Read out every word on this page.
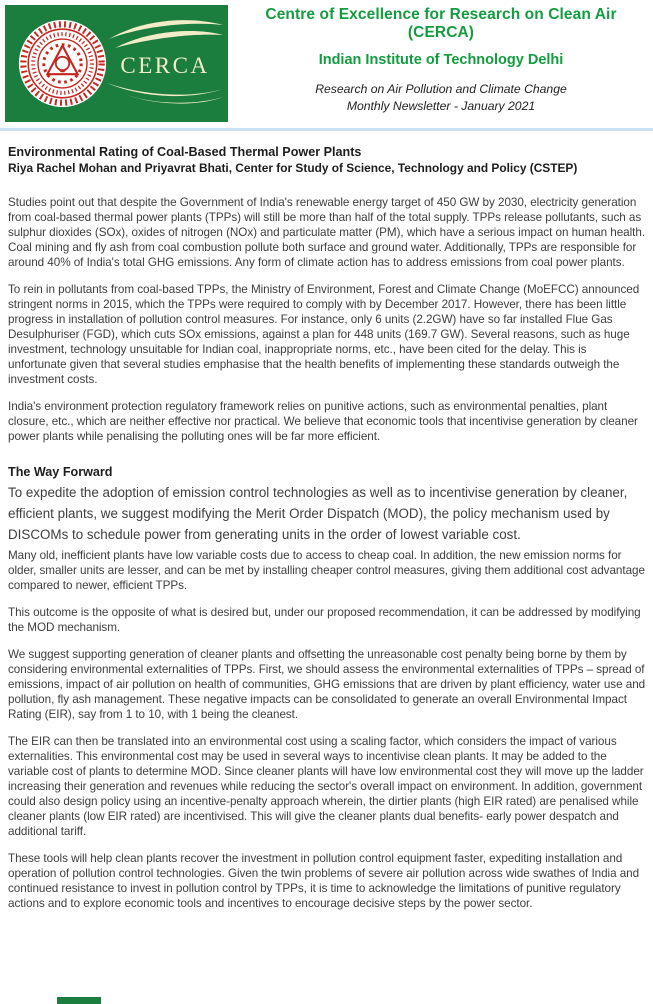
CERCA
Centre of Excellence for Research on Clean Air
(CERCA)
Indian Institute of Technology Delhi
Research on Air Pollution and Climate Change
Monthly Newsletter - January 2021
Environmental Rating of Coal-Based Thermal Power Plants
Riya Rachel Mohan and Priyavrat Bhati, Center for Study of Science, Technology and Policy (CSTEP)

Studies point out that despite the Government of India's renewable energy target of 450 GW by 2030, electricity generation from coal-based thermal power plants (TPPs) will still be more than half of the total supply. TPPs release pollutants, such as sulphur dioxides (SOx), oxides of nitrogen (NOx) and particulate matter (PM), which have a serious impact on human health. Coal mining and fly ash from coal combustion pollute both surface and ground water. Additionally, TPPs are responsible for around 40% of India's total GHG emissions. Any form of climate action has to address emissions from coal power plants.

To rein in pollutants from coal-based TPPs, the Ministry of Environment, Forest and Climate Change (MoEFCC) announced stringent norms in 2015, which the TPPs were required to comply with by December 2017. However, there has been little progress in installation of pollution control measures. For instance, only 6 units (2.2GW) have so far installed Flue Gas Desulphuriser (FGD), which cuts SOx emissions, against a plan for 448 units (169.7 GW). Several reasons, such as huge investment, technology unsuitable for Indian coal, inappropriate norms, etc., have been cited for the delay. This is unfortunate given that several studies emphasise that the health benefits of implementing these standards outweigh the investment costs.

India's environment protection regulatory framework relies on punitive actions, such as environmental penalties, plant closure, etc., which are neither effective nor practical. We believe that economic tools that incentivise generation by cleaner power plants while penalising the polluting ones will be far more efficient.

The Way Forward

To expedite the adoption of emission control technologies as well as to incentivise generation by cleaner, efficient plants, we suggest modifying the Merit Order Dispatch (MOD), the policy mechanism used by DISCOMs to schedule power from generating units in the order of lowest variable cost.

Many old, inefficient plants have low variable costs due to access to cheap coal. In addition, the new emission norms for older, smaller units are lesser, and can be met by installing cheaper control measures, giving them additional cost advantage compared to newer, efficient TPPs.

This outcome is the opposite of what is desired but, under our proposed recommendation, it can be addressed by modifying the MOD mechanism.

We suggest supporting generation of cleaner plants and offsetting the unreasonable cost penalty being borne by them by considering environmental externalities of TPPs. First, we should assess the environmental externalities of TPPs – spread of emissions, impact of air pollution on health of communities, GHG emissions that are driven by plant efficiency, water use and pollution, fly ash management. These negative impacts can be consolidated to generate an overall Environmental Impact Rating (EIR), say from 1 to 10, with 1 being the cleanest.

The EIR can then be translated into an environmental cost using a scaling factor, which considers the impact of various externalities. This environmental cost may be used in several ways to incentivise clean plants. It may be added to the variable cost of plants to determine MOD. Since cleaner plants will have low environmental cost they will move up the ladder increasing their generation and revenues while reducing the sector's overall impact on environment. In addition, government could also design policy using an incentive-penalty approach wherein, the dirtier plants (high EIR rated) are penalised while cleaner plants (low EIR rated) are incentivised. This will give the cleaner plants dual benefits- early power despatch and additional tariff.

These tools will help clean plants recover the investment in pollution control equipment faster, expediting installation and operation of pollution control technologies. Given the twin problems of severe air pollution across wide swathes of India and continued resistance to invest in pollution control by TPPs, it is time to acknowledge the limitations of punitive regulatory actions and to explore economic tools and incentives to encourage decisive steps by the power sector.
